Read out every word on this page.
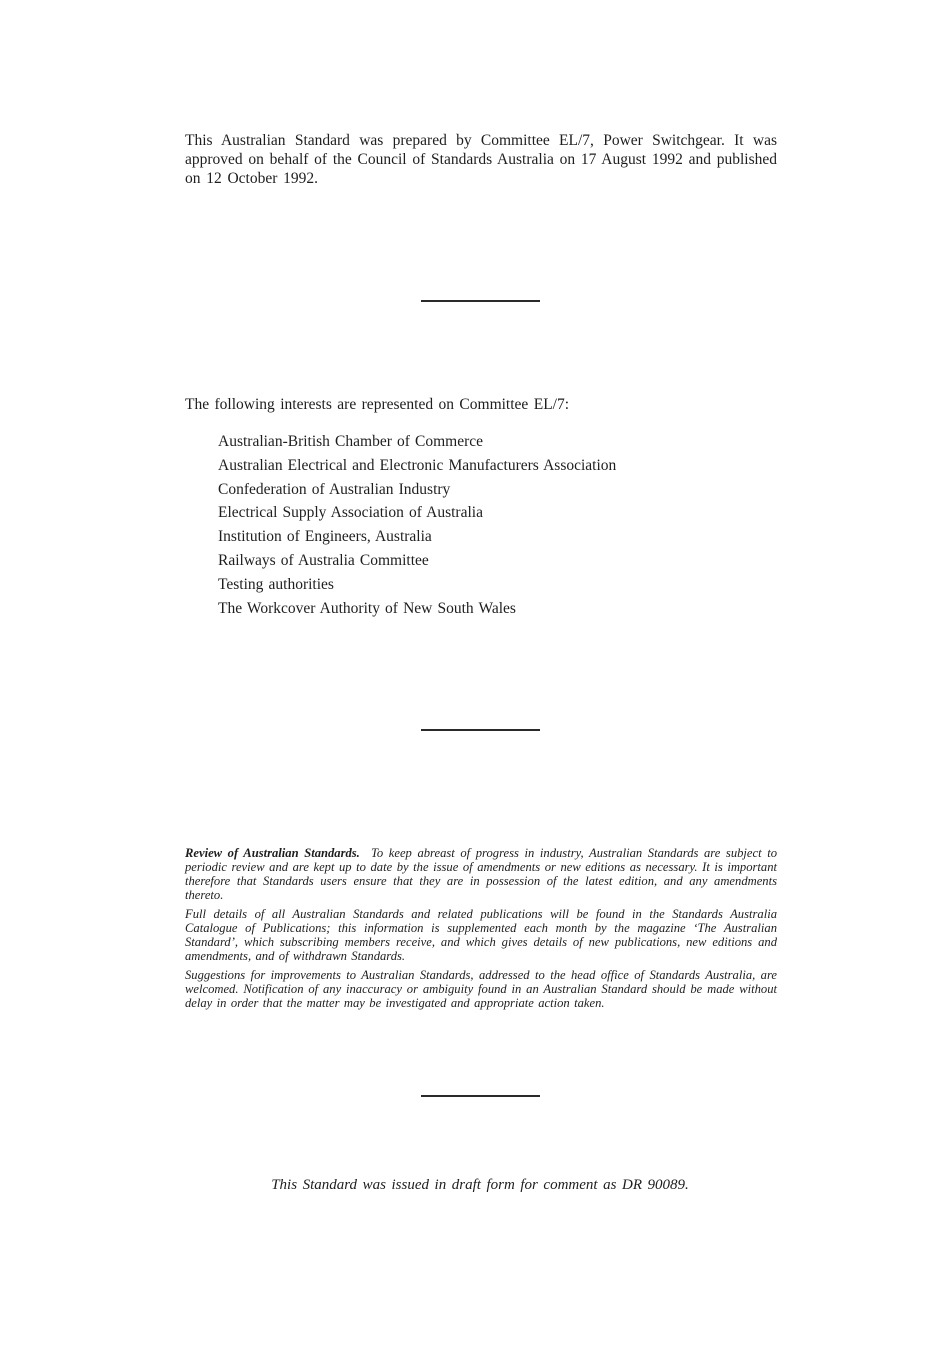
This Australian Standard was prepared by Committee EL/7, Power Switchgear. It was approved on behalf of the Council of Standards Australia on 17 August 1992 and published on 12 October 1992.

The following interests are represented on Committee EL/7:

Australian-British Chamber of Commerce
Australian Electrical and Electronic Manufacturers Association
Confederation of Australian Industry
Electrical Supply Association of Australia
Institution of Engineers, Australia
Railways of Australia Committee
Testing authorities
The Workcover Authority of New South Wales

Review of Australian Standards. To keep abreast of progress in industry, Australian Standards are subject to periodic review and are kept up to date by the issue of amendments or new editions as necessary. It is important therefore that Standards users ensure that they are in possession of the latest edition, and any amendments thereto.

Full details of all Australian Standards and related publications will be found in the Standards Australia Catalogue of Publications; this information is supplemented each month by the magazine ‘The Australian Standard’, which subscribing members receive, and which gives details of new publications, new editions and amendments, and of withdrawn Standards.

Suggestions for improvements to Australian Standards, addressed to the head office of Standards Australia, are welcomed. Notification of any inaccuracy or ambiguity found in an Australian Standard should be made without delay in order that the matter may be investigated and appropriate action taken.

This Standard was issued in draft form for comment as DR 90089.
